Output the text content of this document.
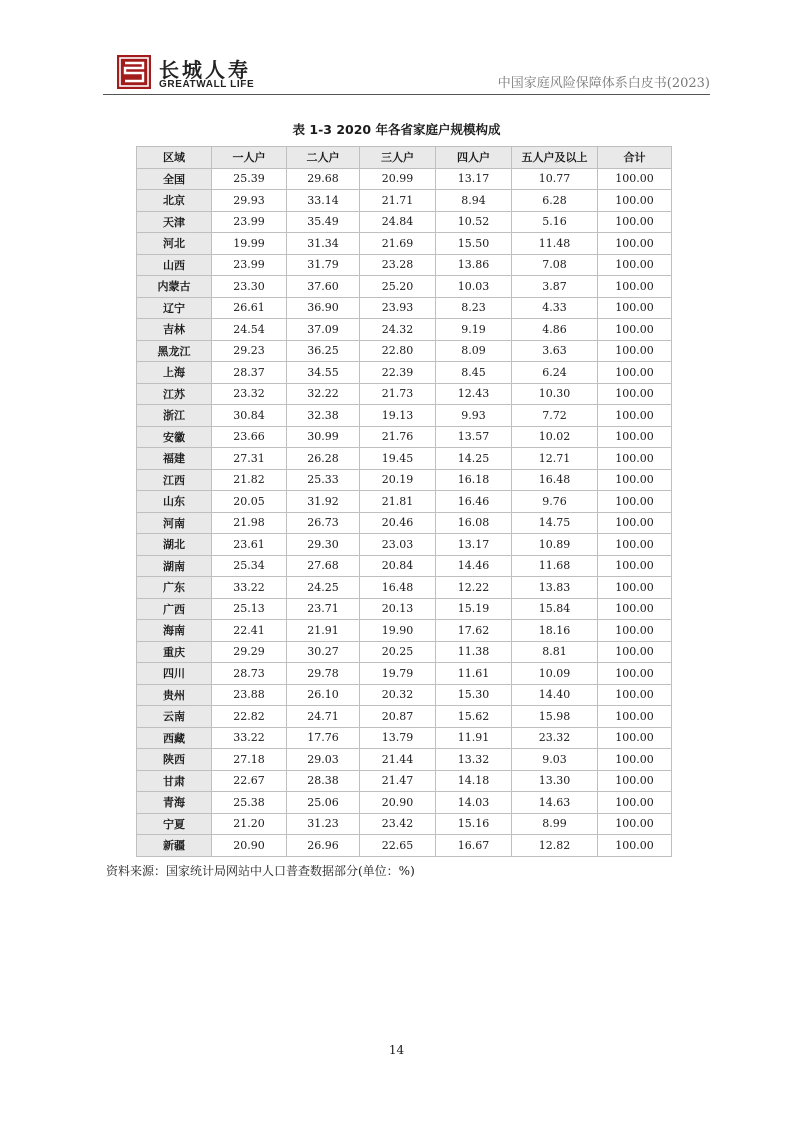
长城人寿
GREATWALL LIFE	中国家庭风险保障体系白皮书(2023)
表 1-3 2020 年各省家庭户规模构成
区域	一人户	二人户	三人户	四人户	五人户及以上	合计
全国	25.39	29.68	20.99	13.17	10.77	100.00
北京	29.93	33.14	21.71	8.94	6.28	100.00
天津	23.99	35.49	24.84	10.52	5.16	100.00
河北	19.99	31.34	21.69	15.50	11.48	100.00
山西	23.99	31.79	23.28	13.86	7.08	100.00
内蒙古	23.30	37.60	25.20	10.03	3.87	100.00
辽宁	26.61	36.90	23.93	8.23	4.33	100.00
吉林	24.54	37.09	24.32	9.19	4.86	100.00
黑龙江	29.23	36.25	22.80	8.09	3.63	100.00
上海	28.37	34.55	22.39	8.45	6.24	100.00
江苏	23.32	32.22	21.73	12.43	10.30	100.00
浙江	30.84	32.38	19.13	9.93	7.72	100.00
安徽	23.66	30.99	21.76	13.57	10.02	100.00
福建	27.31	26.28	19.45	14.25	12.71	100.00
江西	21.82	25.33	20.19	16.18	16.48	100.00
山东	20.05	31.92	21.81	16.46	9.76	100.00
河南	21.98	26.73	20.46	16.08	14.75	100.00
湖北	23.61	29.30	23.03	13.17	10.89	100.00
湖南	25.34	27.68	20.84	14.46	11.68	100.00
广东	33.22	24.25	16.48	12.22	13.83	100.00
广西	25.13	23.71	20.13	15.19	15.84	100.00
海南	22.41	21.91	19.90	17.62	18.16	100.00
重庆	29.29	30.27	20.25	11.38	8.81	100.00
四川	28.73	29.78	19.79	11.61	10.09	100.00
贵州	23.88	26.10	20.32	15.30	14.40	100.00
云南	22.82	24.71	20.87	15.62	15.98	100.00
西藏	33.22	17.76	13.79	11.91	23.32	100.00
陕西	27.18	29.03	21.44	13.32	9.03	100.00
甘肃	22.67	28.38	21.47	14.18	13.30	100.00
青海	25.38	25.06	20.90	14.03	14.63	100.00
宁夏	21.20	31.23	23.42	15.16	8.99	100.00
新疆	20.90	26.96	22.65	16.67	12.82	100.00
资料来源：国家统计局网站中人口普查数据部分(单位：%)
14
